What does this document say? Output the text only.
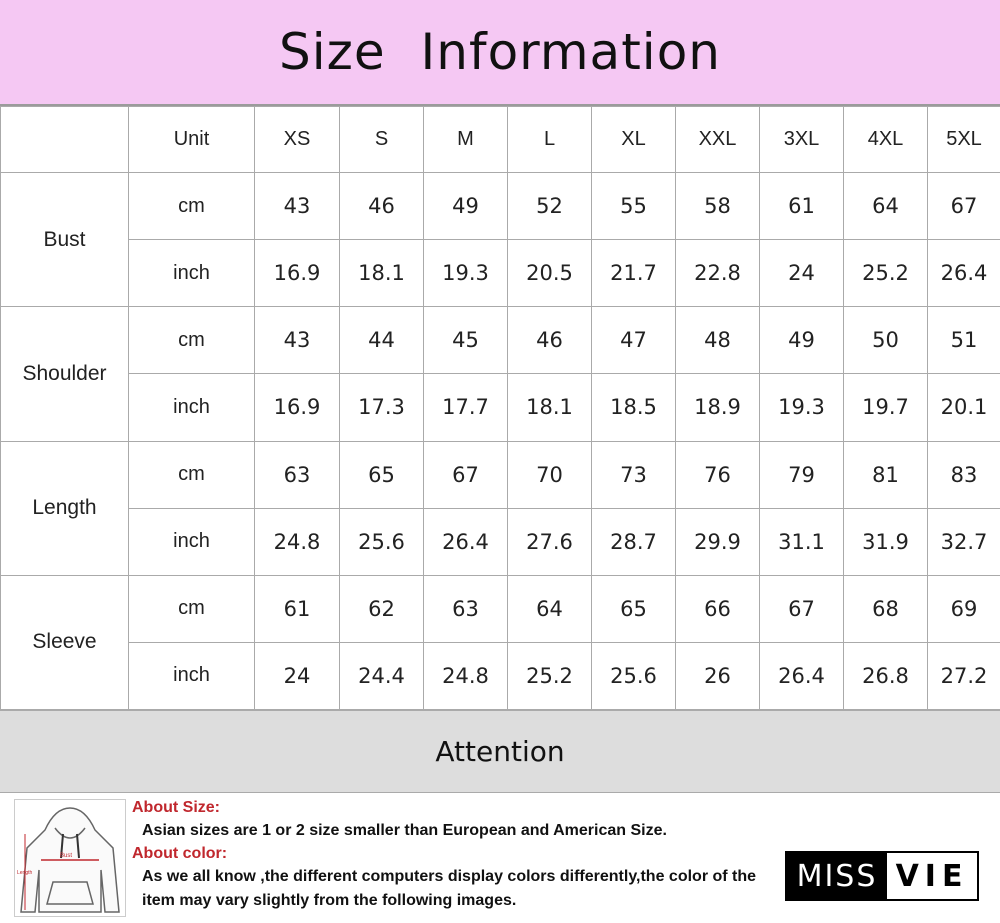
Size Information
	Unit	XS	S	M	L	XL	XXL	3XL	4XL	5XL
Bust	cm	43	46	49	52	55	58	61	64	67
	inch	16.9	18.1	19.3	20.5	21.7	22.8	24	25.2	26.4
Shoulder	cm	43	44	45	46	47	48	49	50	51
	inch	16.9	17.3	17.7	18.1	18.5	18.9	19.3	19.7	20.1
Length	cm	63	65	67	70	73	76	79	81	83
	inch	24.8	25.6	26.4	27.6	28.7	29.9	31.1	31.9	32.7
Sleeve	cm	61	62	63	64	65	66	67	68	69
	inch	24	24.4	24.8	25.2	25.6	26	26.4	26.8	27.2
Attention
Bust
Length
About Size:
Asian sizes are 1 or 2 size smaller than European and American Size.
About color:
As we all know ,the different computers display colors differently,the color of the
item may vary slightly from the following images.
MISS VIE
